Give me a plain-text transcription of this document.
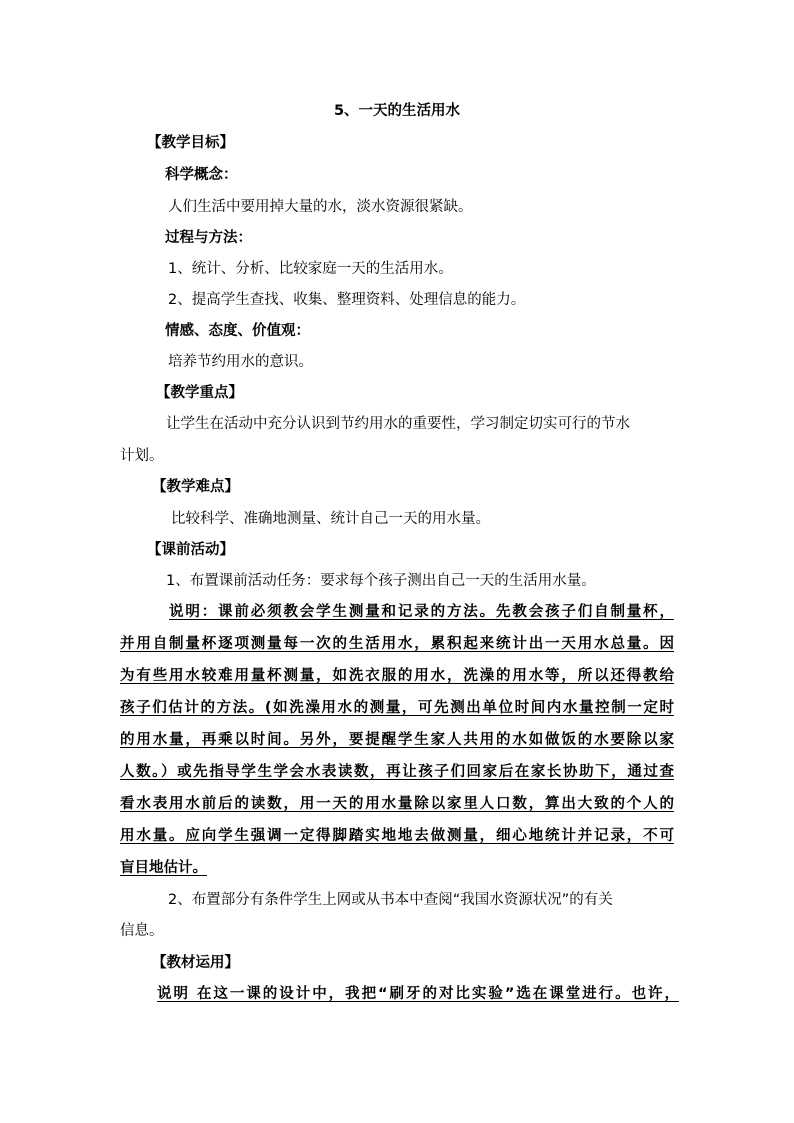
5、一天的生活用水
【教学目标】
科学概念：
人们生活中要用掉大量的水，淡水资源很紧缺。
过程与方法：
1、统计、分析、比较家庭一天的生活用水。
2、提高学生查找、收集、整理资料、处理信息的能力。
情感、态度、价值观：
培养节约用水的意识。
【教学重点】
让学生在活动中充分认识到节约用水的重要性，学习制定切实可行的节水
计划。
【教学难点】
比较科学、准确地测量、统计自己一天的用水量。
【课前活动】
1、布置课前活动任务：要求每个孩子测出自己一天的生活用水量。
说明：课前必须教会学生测量和记录的方法。先教会孩子们自制量杯，
并用自制量杯逐项测量每一次的生活用水，累积起来统计出一天用水总量。因
为有些用水较难用量杯测量，如洗衣服的用水，洗澡的用水等，所以还得教给
孩子们估计的方法。(如洗澡用水的测量，可先测出单位时间内水量控制一定时
的用水量，再乘以时间。另外，要提醒学生家人共用的水如做饭的水要除以家
人数。）或先指导学生学会水表读数，再让孩子们回家后在家长协助下，通过查
看水表用水前后的读数，用一天的用水量除以家里人口数，算出大致的个人的
用水量。应向学生强调一定得脚踏实地地去做测量，细心地统计并记录，不可
盲目地估计。
2、布置部分有条件学生上网或从书本中查阅“我国水资源状况”的有关
信息。
【教材运用】
说明 在这一课的设计中，我把“刷牙的对比实验”选在课堂进行。也许，
